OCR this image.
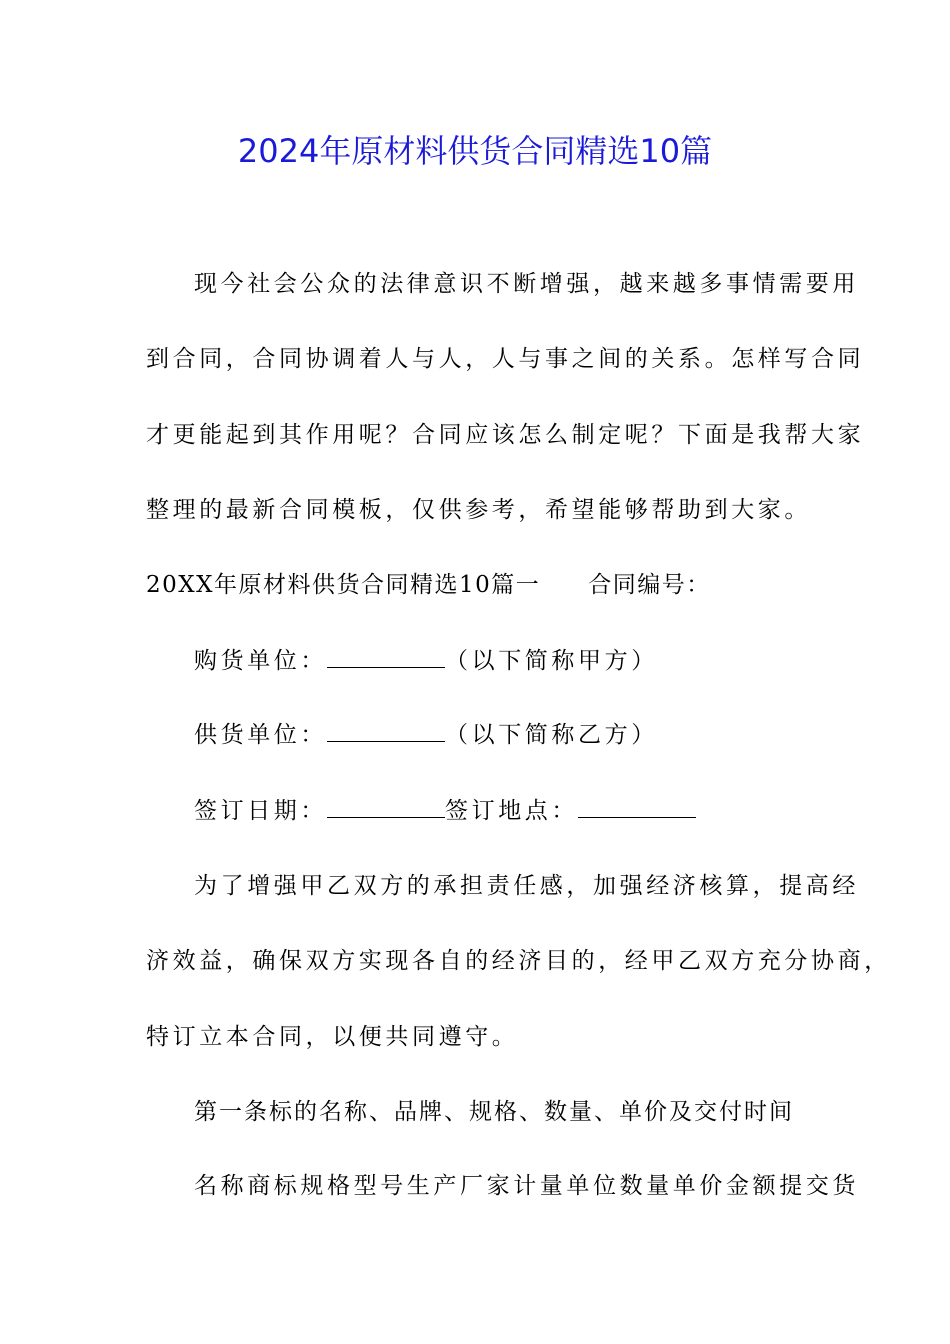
2024年原材料供货合同精选10篇
现今社会公众的法律意识不断增强，越来越多事情需要用
到合同，合同协调着人与人，人与事之间的关系。怎样写合同
才更能起到其作用呢？合同应该怎么制定呢？下面是我帮大家
整理的最新合同模板，仅供参考，希望能够帮助到大家。
20XX年原材料供货合同精选10篇一 合同编号：
购货单位：	（以下简称甲方）
供货单位：	（以下简称乙方）
签订日期：	签订地点：
为了增强甲乙双方的承担责任感，加强经济核算，提高经
济效益，确保双方实现各自的经济目的，经甲乙双方充分协商，
特订立本合同，以便共同遵守。
第一条标的名称、品牌、规格、数量、单价及交付时间
名称商标规格型号生产厂家计量单位数量单价金额提交货
